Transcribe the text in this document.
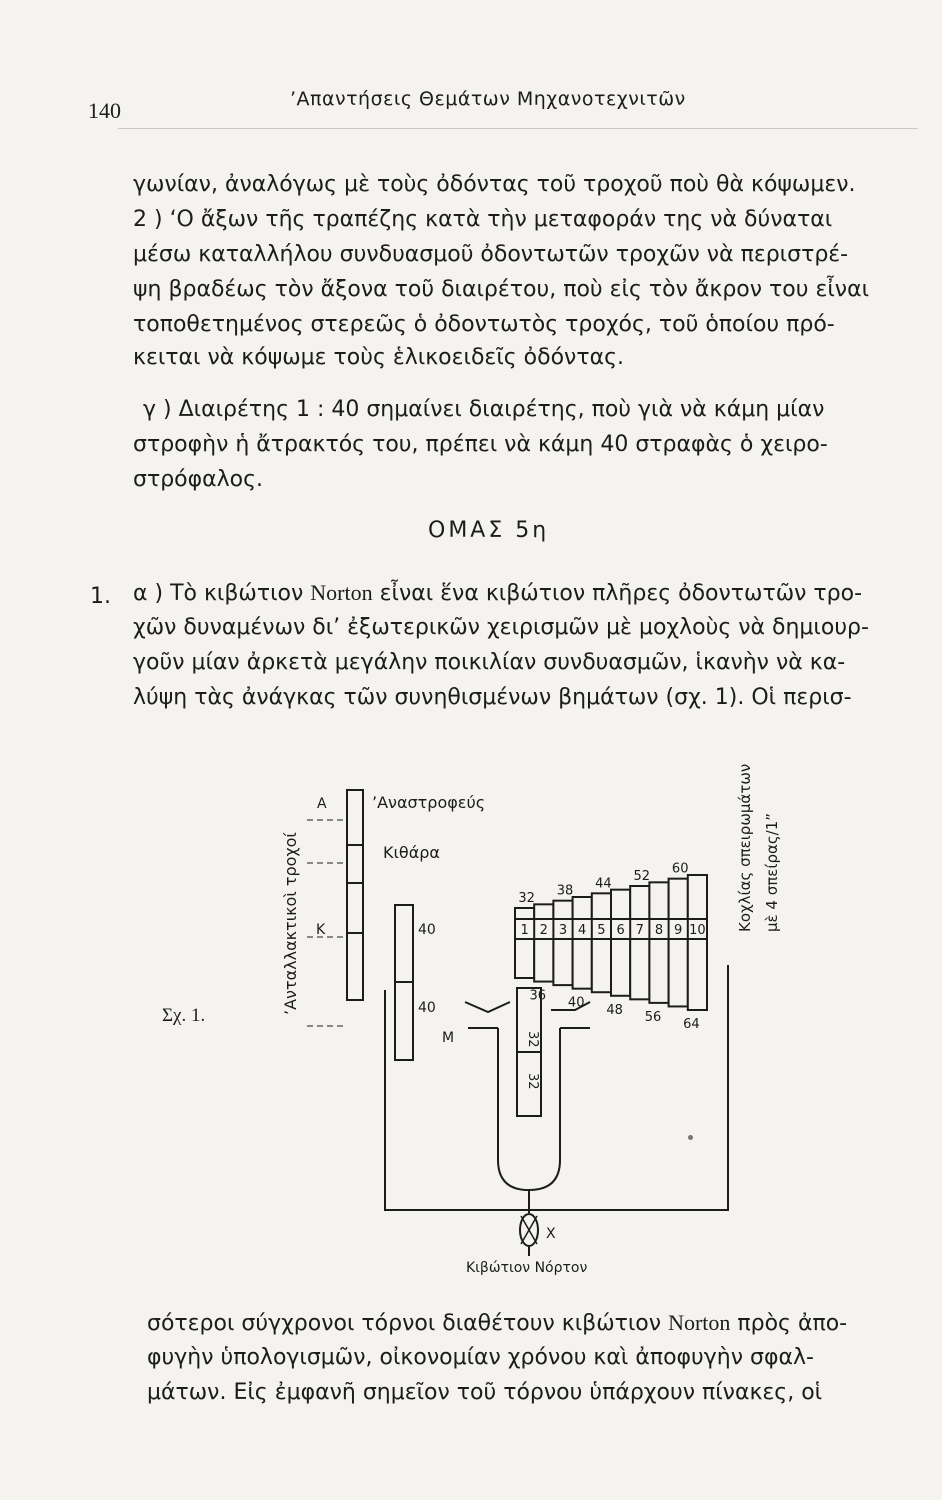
140	’Απαντήσεις Θεμάτων Μηχανοτεχνιτῶν
γωνίαν, ἀναλόγως μὲ τοὺς ὀδόντας τοῦ τροχοῦ ποὺ θὰ κόψωμεν.
2 ) ‘Ο ἄξων τῆς τραπέζης κατὰ τὴν μεταφοράν της νὰ δύναται
μέσω καταλλήλου συνδυασμοῦ ὀδοντωτῶν τροχῶν νὰ περιστρέ-
ψη βραδέως τὸν ἄξονα τοῦ διαιρέτου, ποὺ εἰς τὸν ἄκρον του εἶναι
τοποθετημένος στερεῶς ὁ ὀδοντωτὸς τροχός, τοῦ ὁποίου πρό-
κειται νὰ κόψωμε τοὺς ἑλικοειδεῖς ὀδόντας.
γ ) Διαιρέτης 1 : 40 σημαίνει διαιρέτης, ποὺ γιὰ νὰ κάμη μίαν
στροφὴν ἡ ἄτρακτός του, πρέπει νὰ κάμη 40 στραφὰς ὁ χειρο-
στρόφαλος.
ΟΜΑΣ 5η
1. α ) Τὸ κιβώτιον Norton εἶναι ἕνα κιβώτιον πλῆρες ὀδοντωτῶν τρο-
χῶν δυναμένων δι’ ἐξωτερικῶν χειρισμῶν μὲ μοχλοὺς νὰ δημιουρ-
γοῦν μίαν ἀρκετὰ μεγάλην ποικιλίαν συνδυασμῶν, ἱκανὴν νὰ κα-
λύψη τὰς ἀνάγκας τῶν συνηθισμένων βημάτων (σχ. 1). Οἱ περισ-
Σχ. 1.
A
K
M
X
’Αναστροφεύς
Κιθάρα
40
40
32
32
Κιβώτιον Νόρτον
’Ανταλλακτικοὶ τροχοί	Κοχλίας σπειρωμάτων μὲ 4 σπείρας/1”
1 2 3 4 5 6 7 8 9 10
32 38 44 52 60
36 40 48 56 64
σότεροι σύγχρονοι τόρνοι διαθέτουν κιβώτιον Norton πρὸς ἀπο-
φυγὴν ὑπολογισμῶν, οἰκονομίαν χρόνου καὶ ἀποφυγὴν σφαλ-
μάτων. Εἰς ἐμφανῆ σημεῖον τοῦ τόρνου ὑπάρχουν πίνακες, οἱ
